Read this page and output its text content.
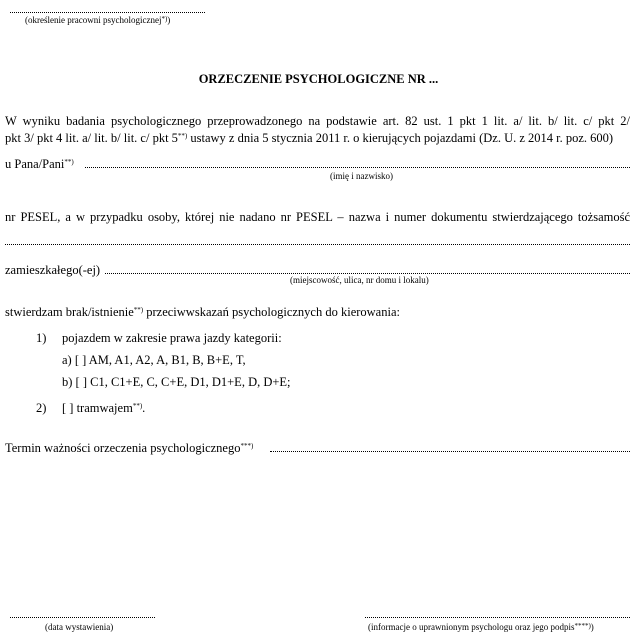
(określenie pracowni psychologicznej*))
ORZECZENIE PSYCHOLOGICZNE NR ...
W wyniku badania psychologicznego przeprowadzonego na podstawie art. 82 ust. 1 pkt 1 lit. a/ lit. b/ lit. c/ pkt 2/
pkt 3/ pkt 4 lit. a/ lit. b/ lit. c/ pkt 5**) ustawy z dnia 5 stycznia 2011 r. o kierujących pojazdami (Dz. U. z 2014 r. poz. 600)
u Pana/Pani**)
(imię i nazwisko)
nr PESEL, a w przypadku osoby, której nie nadano nr PESEL – nazwa i numer dokumentu stwierdzającego tożsamość
zamieszkałego(-ej)
(miejscowość, ulica, nr domu i lokalu)
stwierdzam brak/istnienie**) przeciwwskazań psychologicznych do kierowania:
1) pojazdem w zakresie prawa jazdy kategorii:
a) [ ] AM, A1, A2, A, B1, B, B+E, T,
b) [ ] C1, C1+E, C, C+E, D1, D1+E, D, D+E;
2) [ ] tramwajem**).
Termin ważności orzeczenia psychologicznego***)
(data wystawienia)	(informacje o uprawnionym psychologu oraz jego podpis****))
